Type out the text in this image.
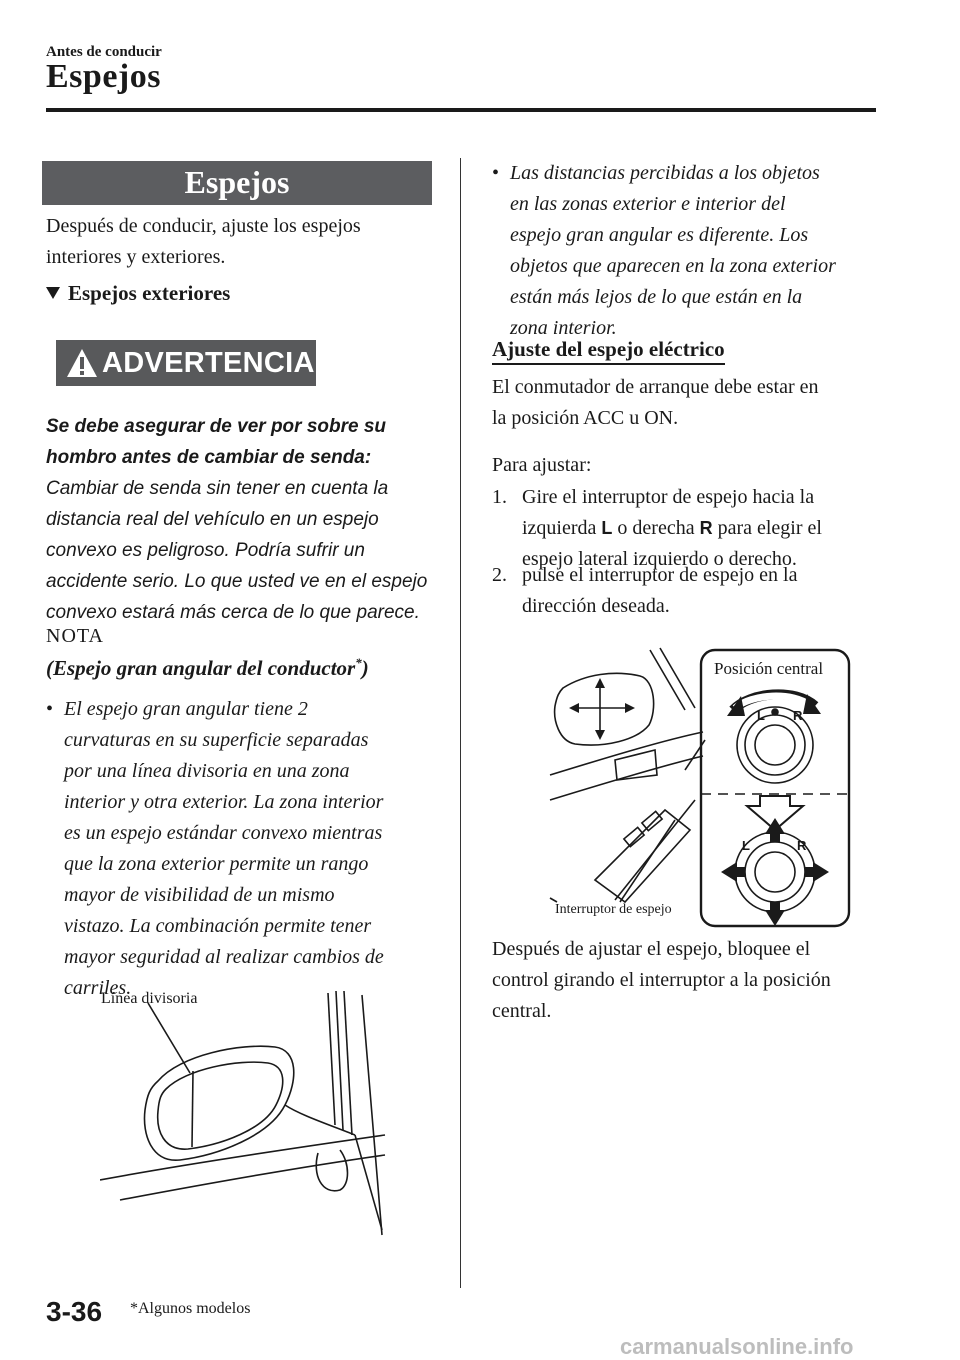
Antes de conducir
Espejos
Espejos
Después de conducir, ajuste los espejos interiores y exteriores.
Espejos exteriores
ADVERTENCIA
Se debe asegurar de ver por sobre su
hombro antes de cambiar de senda:
Cambiar de senda sin tener en cuenta la
distancia real del vehículo en un espejo
convexo es peligroso. Podría sufrir un
accidente serio. Lo que usted ve en el espejo
convexo estará más cerca de lo que parece.
NOTA
(Espejo gran angular del conductor*)
• El espejo gran angular tiene 2
curvaturas en su superficie separadas
por una línea divisoria en una zona
interior y otra exterior. La zona interior
es un espejo estándar convexo mientras
que la zona exterior permite un rango
mayor de visibilidad de un mismo
vistazo. La combinación permite tener
mayor seguridad al realizar cambios de
carriles.
Línea divisoria
• Las distancias percibidas a los objetos
en las zonas exterior e interior del
espejo gran angular es diferente. Los
objetos que aparecen en la zona exterior
están más lejos de lo que están en la
zona interior.
Ajuste del espejo eléctrico
El conmutador de arranque debe estar en
la posición ACC u ON.
Para ajustar:
1. Gire el interruptor de espejo hacia la
izquierda L o derecha R para elegir el
espejo lateral izquierdo o derecho.
2. pulse el interruptor de espejo en la
dirección deseada.
L R
L	R
Posición central
Interruptor de espejo
Después de ajustar el espejo, bloquee el
control girando el interruptor a la posición
central.
3-36 *Algunos modelos
carmanualsonline.info
